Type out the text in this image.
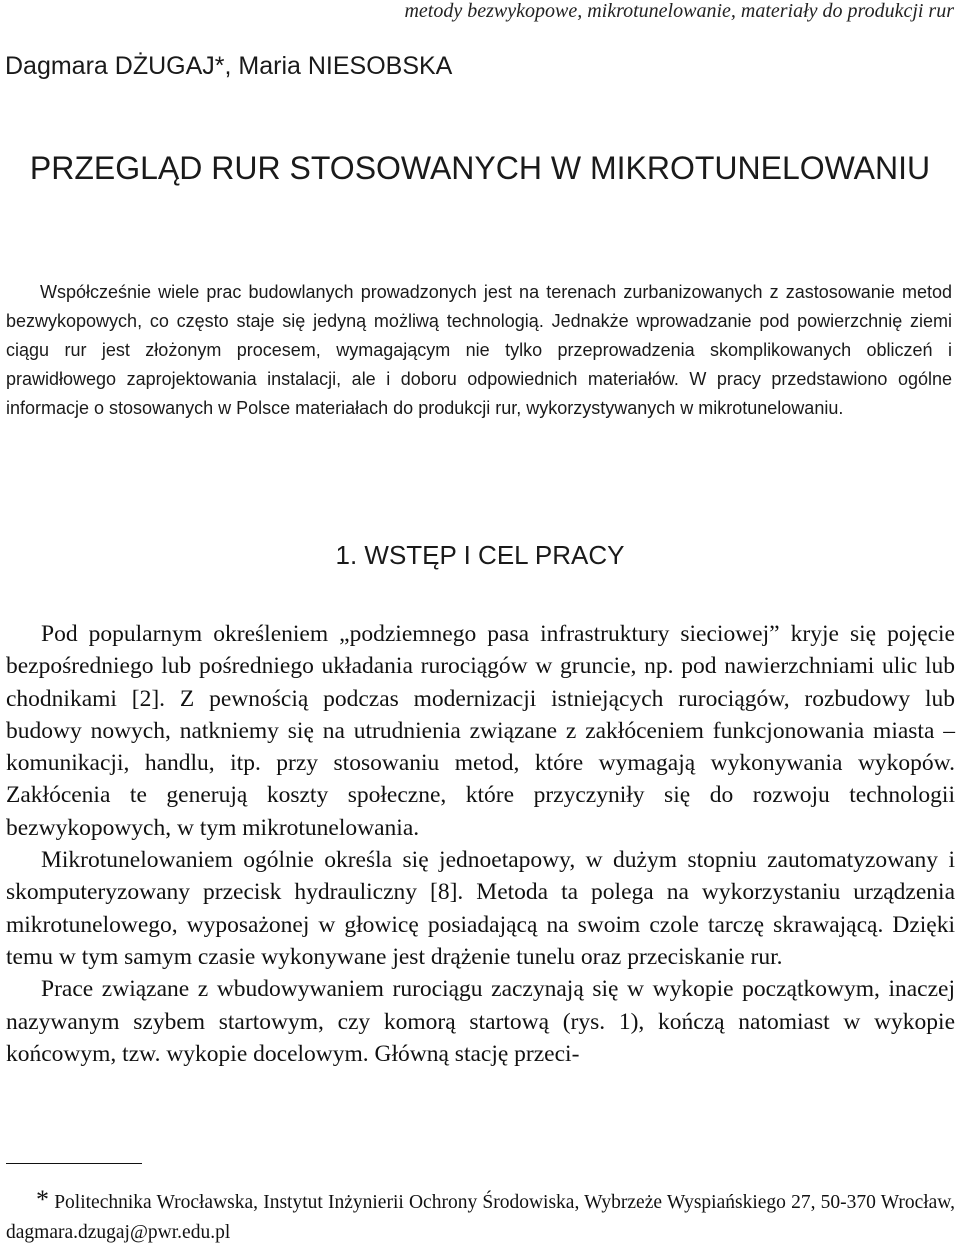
metody bezwykopowe, mikrotunelowanie, materiały do produkcji rur
Dagmara DŻUGAJ*, Maria NIESOBSKA
PRZEGLĄD RUR STOSOWANYCH W MIKROTUNELOWANIU

Współcześnie wiele prac budowlanych prowadzonych jest na terenach zurbanizowanych z zastosowanie metod bezwykopowych, co często staje się jedyną możliwą technologią. Jednakże wprowadzanie pod powierzchnię ziemi ciągu rur jest złożonym procesem, wymagającym nie tylko przeprowadzenia skomplikowanych obliczeń i prawidłowego zaprojektowania instalacji, ale i doboru odpowiednich materiałów. W pracy przedstawiono ogólne informacje o stosowanych w Polsce materiałach do produkcji rur, wykorzystywanych w mikrotunelowaniu.

1. WSTĘP I CEL PRACY

Pod popularnym określeniem „podziemnego pasa infrastruktury sieciowej” kryje się pojęcie bezpośredniego lub pośredniego układania rurociągów w gruncie, np. pod nawierzchniami ulic lub chodnikami [2]. Z pewnością podczas modernizacji istniejących rurociągów, rozbudowy lub budowy nowych, natkniemy się na utrudnienia związane z zakłóceniem funkcjonowania miasta – komunikacji, handlu, itp. przy stosowaniu metod, które wymagają wykonywania wykopów. Zakłócenia te generują koszty społeczne, które przyczyniły się do rozwoju technologii bezwykopowych, w tym mikrotunelowania.

Mikrotunelowaniem ogólnie określa się jednoetapowy, w dużym stopniu zautomatyzowany i skomputeryzowany przecisk hydrauliczny [8]. Metoda ta polega na wykorzystaniu urządzenia mikrotunelowego, wyposażonej w głowicę posiadającą na swoim czole tarczę skrawającą. Dzięki temu w tym samym czasie wykonywane jest drążenie tunelu oraz przeciskanie rur.

Prace związane z wbudowywaniem rurociągu zaczynają się w wykopie początkowym, inaczej nazywanym szybem startowym, czy komorą startową (rys. 1), kończą natomiast w wykopie końcowym, tzw. wykopie docelowym. Główną stację przeci-

* Politechnika Wrocławska, Instytut Inżynierii Ochrony Środowiska, Wybrzeże Wyspiańskiego 27, 50-370 Wrocław, dagmara.dzugaj@pwr.edu.pl
